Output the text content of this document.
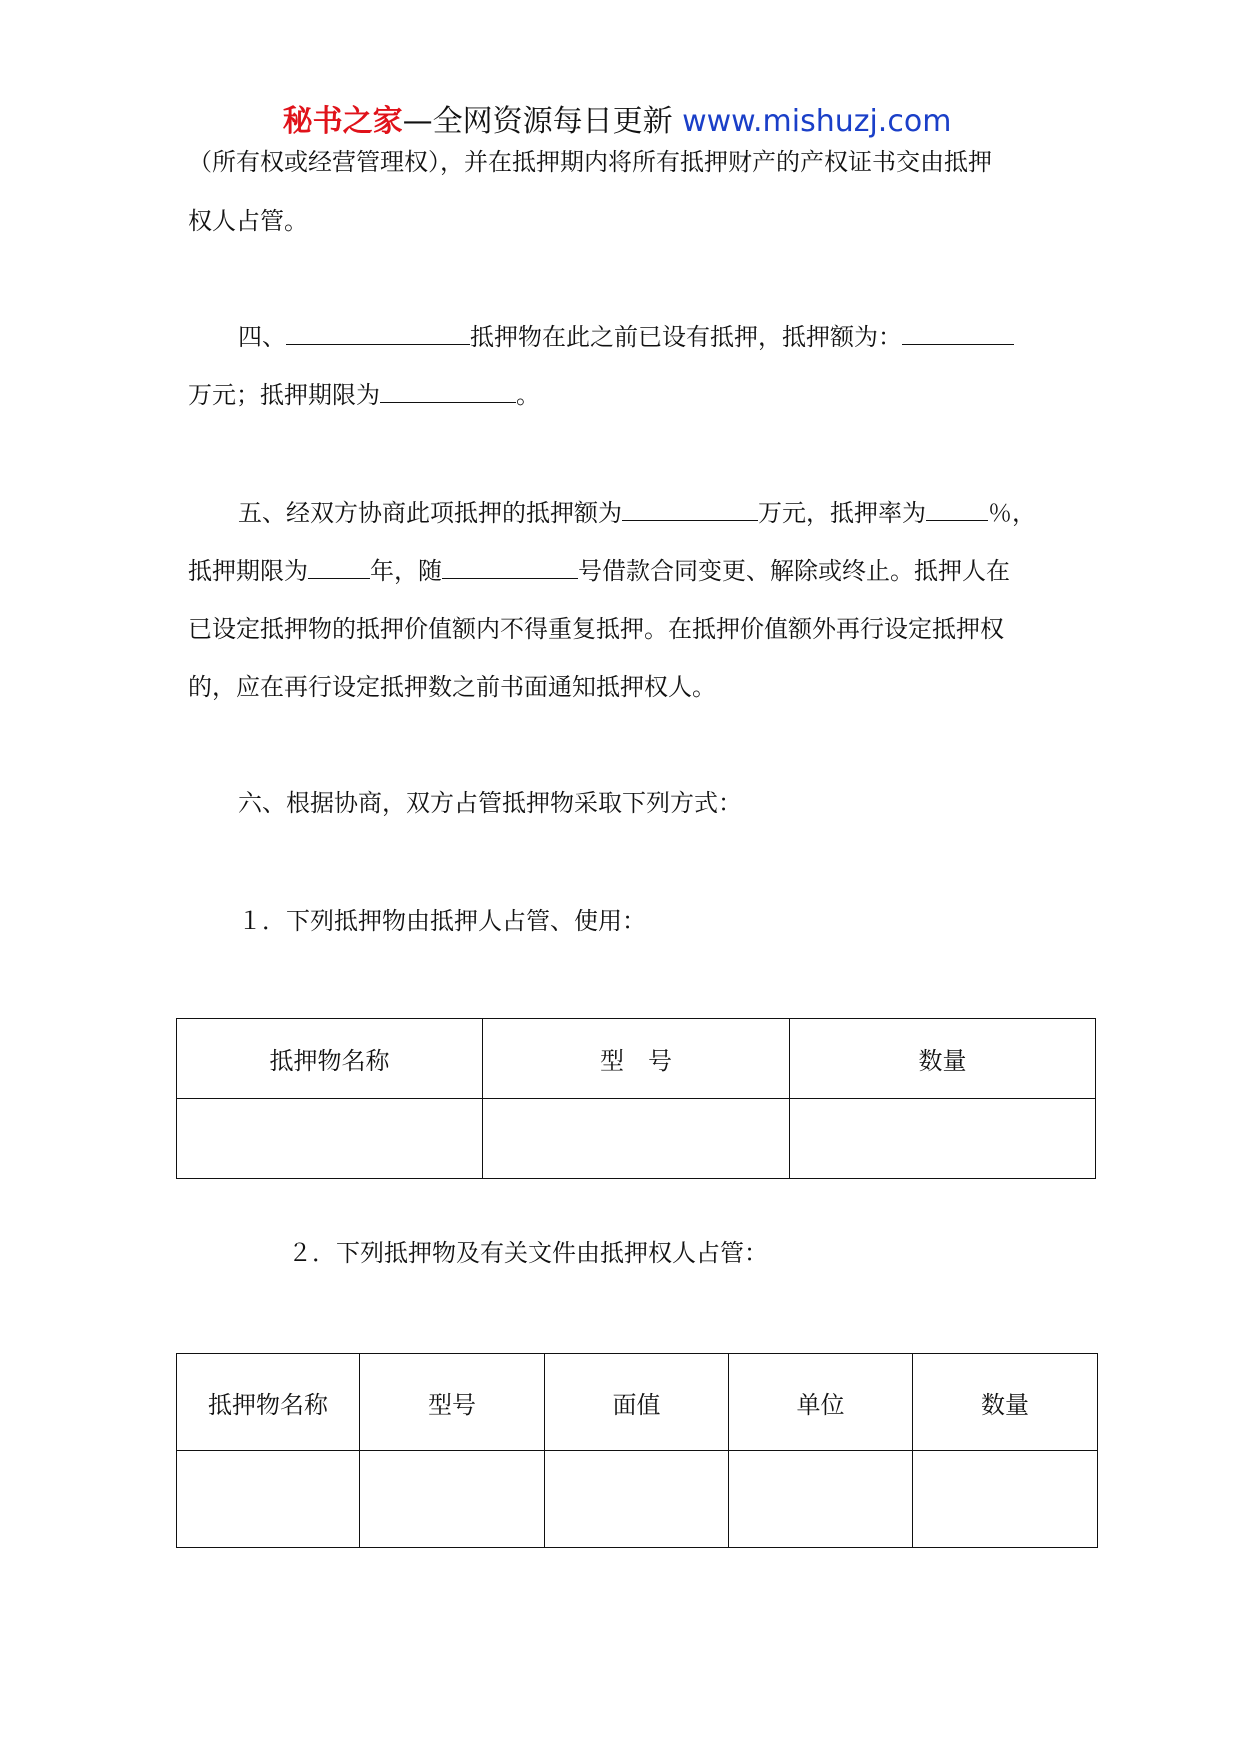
秘书之家—全网资源每日更新 www.mishuzj.com
（所有权或经营管理权），并在抵押期内将所有抵押财产的产权证书交由抵押
权人占管。
四、	抵押物在此之前已设有抵押，抵押额为：
万元；抵押期限为	。
五、经双方协商此项抵押的抵押额为	万元，抵押率为	％，
抵押期限为	年，随	号借款合同变更、解除或终止。抵押人在
已设定抵押物的抵押价值额内不得重复抵押。在抵押价值额外再行设定抵押权
的，应在再行设定抵押数之前书面通知抵押权人。
六、根据协商，双方占管抵押物采取下列方式：
１．下列抵押物由抵押人占管、使用：
抵押物名称	型　号	数量

２．下列抵押物及有关文件由抵押权人占管：
抵押物名称	型号	面值	单位	数量
